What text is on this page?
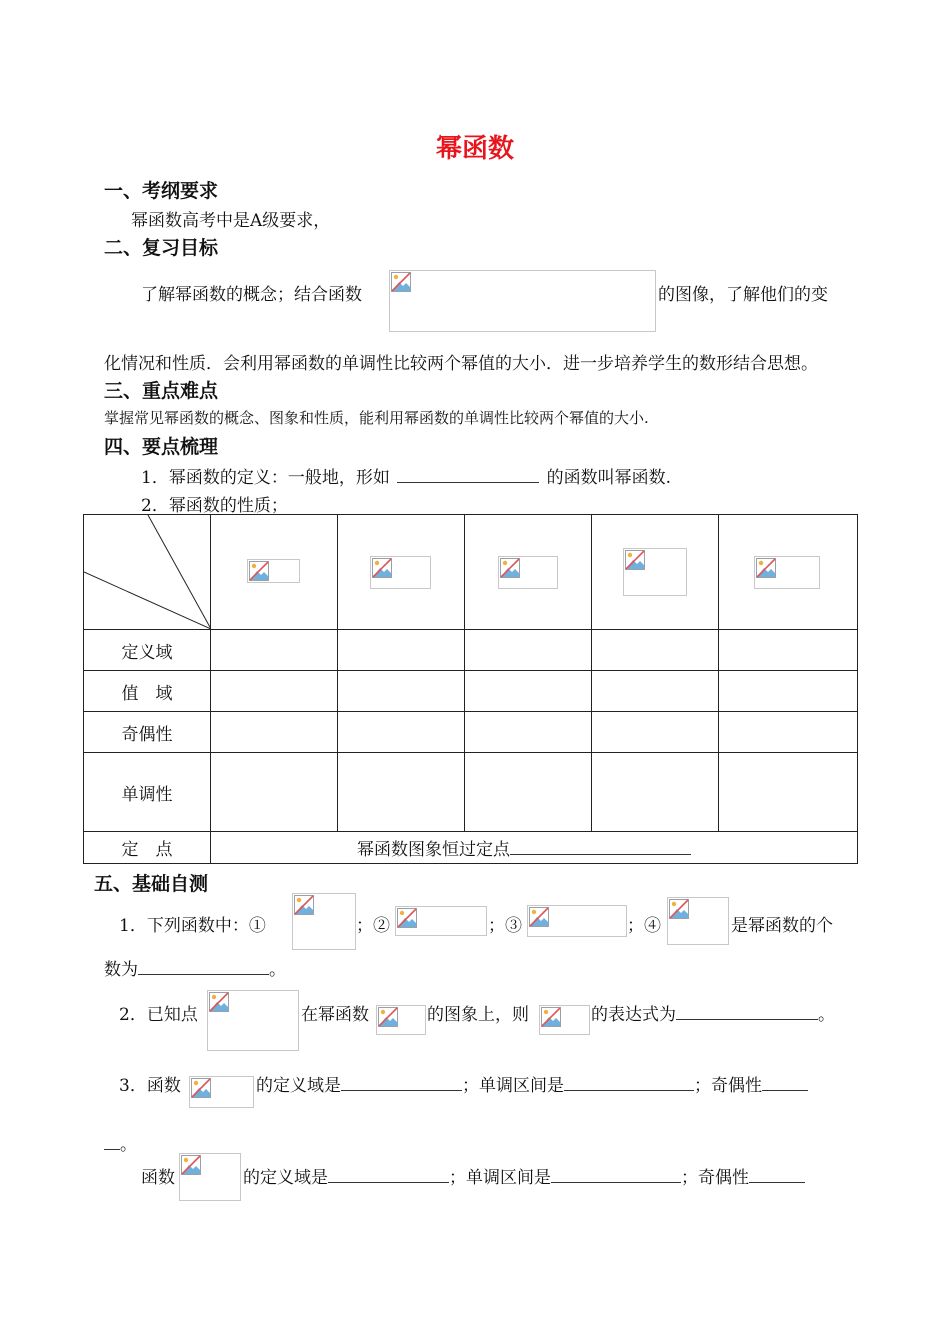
幂函数
一、考纲要求
幂函数高考中是A级要求，
二、复习目标
了解幂函数的概念；结合函数	的图像，了解他们的变
化情况和性质．会利用幂函数的单调性比较两个幂值的大小．进一步培养学生的数形结合思想。
三、重点难点
掌握常见幂函数的概念、图象和性质，能利用幂函数的单调性比较两个幂值的大小.
四、要点梳理
1．幂函数的定义：一般地，形如	的函数叫幂函数.
2．幂函数的性质；

定义域					
值　域					
奇偶性					
单调性					
定　点	幂函数图象恒过定点				
五、基础自测
1．下列函数中：①	；②	；③	；④	是幂函数的个
数为	。
2．已知点	在幂函数	的图象上，则	的表达式为	。
3．函数	的定义域是	；单调区间是	；奇偶性
。
函数	的定义域是	；单调区间是	；奇偶性
